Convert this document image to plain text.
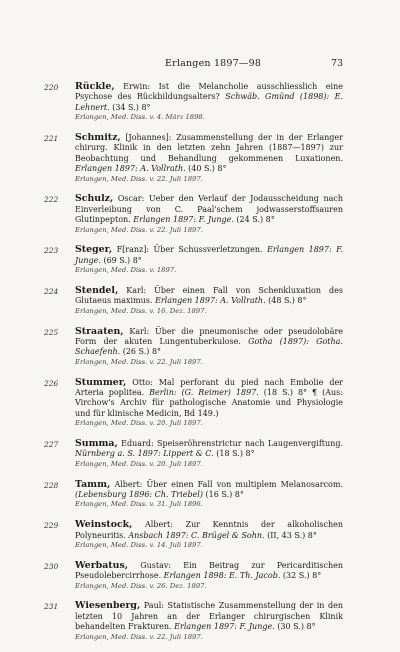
Erlangen 1897—98	73
220 Rückle, Erwin: Ist die Melancholie ausschliesslich eine Psychose des Rückbildungsalters? Schwäb. Gmünd (1898): E. Lehnert. (34 S.) 8°
Erlangen, Med. Diss. v. 4. März 1898.
221 Schmitz, [Johannes]: Zusammenstellung der in der Erlanger chirurg. Klinik in den letzten zehn Jahren (1887—1897) zur Beobachtung und Behandlung gekommenen Luxationen. Erlangen 1897: A. Vollrath. (40 S.) 8°
Erlangen, Med. Diss. v. 22. Juli 1897.
222 Schulz, Oscar: Ueber den Verlauf der Jodausscheidung nach Einverleibung von C. Paal'schem jodwasserstoffsauren Glutinpepton. Erlangen 1897: F. Junge. (24 S.) 8°
Erlangen, Med. Diss. v. 22. Juli 1897.
223 Steger, F[ranz]: Über Schussverletzungen. Erlangen 1897: F. Junge. (69 S.) 8°
Erlangen, Med. Diss. v. 1897.
224 Stendel, Karl: Über einen Fall von Schenkluxation des Glutaeus maximus. Erlangen 1897: A. Vollrath. (48 S.) 8°
Erlangen, Med. Diss. v. 16. Dez. 1897.
225 Straaten, Karl: Über die pneumonische oder pseudolobäre Form der akuten Lungentuberkulose. Gotha (1897): Gotha. Schaefenh. (26 S.) 8°
Erlangen, Med. Diss. v. 22. Juli 1897.
226 Stummer, Otto: Mal perforant du pied nach Embolie der Arteria poplitea. Berlin: (G. Reimer) 1897. (18 S.) 8° ¶ (Aus: Virchow's Archiv für pathologische Anatomie und Physiologie und für klinische Medicin, Bd 149.)
Erlangen, Med. Diss. v. 20. Juli 1897.
227 Summa, Eduard: Speiseröhrenstrictur nach Laugenvergiftung. Nürnberg a. S. 1897: Lippert & C. (18 S.) 8°
Erlangen, Med. Diss. v. 20. Juli 1897.
228 Tamm, Albert: Über einen Fall von multiplem Melanosarcom. (Lebensburg 1896: Ch. Triebel) (16 S.) 8°
Erlangen, Med. Diss. v. 31. Juli 1896.
229 Weinstock, Albert: Zur Kenntnis der alkoholischen Polyneuritis. Ansbach 1897: C. Brügel & Sohn. (II, 43 S.) 8°
Erlangen, Med. Diss. v. 14. Juli 1897.
230 Werbatus, Gustav: Ein Beitrag zur Pericarditischen Pseudolebercirrhose. Erlangen 1898: E. Th. Jacob. (32 S.) 8°
Erlangen, Med. Diss. v. 26. Dez. 1897.
231 Wiesenberg, Paul: Statistische Zusammenstellung der in den letzten 10 Jahren an der Erlanger chirurgischen Klinik behandelten Frakturen. Erlangen 1897: F. Junge. (30 S.) 8°
Erlangen, Med. Diss. v. 22. Juli 1897.
